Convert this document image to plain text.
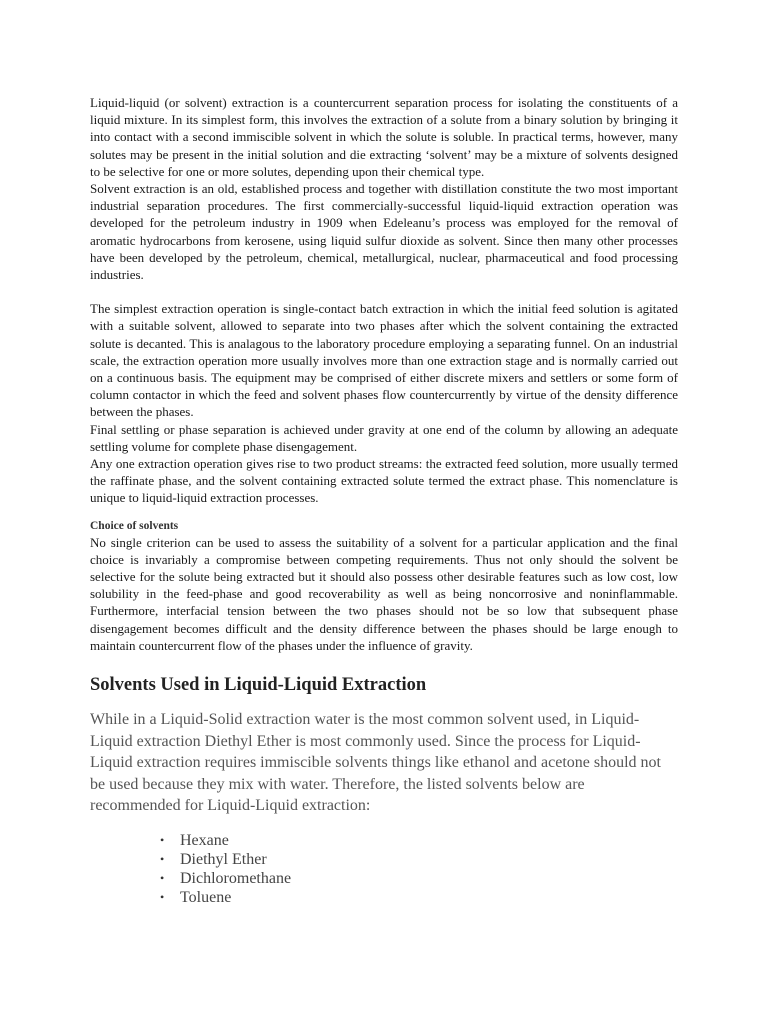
Liquid-liquid (or solvent) extraction is a countercurrent separation process for isolating the constituents of a liquid mixture. In its simplest form, this involves the extraction of a solute from a binary solution by bringing it into contact with a second immiscible solvent in which the solute is soluble. In practical terms, however, many solutes may be present in the initial solution and die extracting ‘solvent’ may be a mixture of solvents designed to be selective for one or more solutes, depending upon their chemical type.

Solvent extraction is an old, established process and together with distillation constitute the two most important industrial separation procedures. The first commercially-successful liquid-liquid extraction operation was developed for the petroleum industry in 1909 when Edeleanu’s process was employed for the removal of aromatic hydrocarbons from kerosene, using liquid sulfur dioxide as solvent. Since then many other processes have been developed by the petroleum, chemical, metallurgical, nuclear, pharmaceutical and food processing industries.

The simplest extraction operation is single-contact batch extraction in which the initial feed solution is agitated with a suitable solvent, allowed to separate into two phases after which the solvent containing the extracted solute is decanted. This is analagous to the laboratory procedure employing a separating funnel. On an industrial scale, the extraction operation more usually involves more than one extraction stage and is normally carried out on a continuous basis. The equipment may be comprised of either discrete mixers and settlers or some form of column contactor in which the feed and solvent phases flow countercurrently by virtue of the density difference between the phases.

Final settling or phase separation is achieved under gravity at one end of the column by allowing an adequate settling volume for complete phase disengagement.

Any one extraction operation gives rise to two product streams: the extracted feed solution, more usually termed the raffinate phase, and the solvent containing extracted solute termed the extract phase. This nomenclature is unique to liquid-liquid extraction processes.

Choice of solvents

No single criterion can be used to assess the suitability of a solvent for a particular application and the final choice is invariably a compromise between competing requirements. Thus not only should the solvent be selective for the solute being extracted but it should also possess other desirable features such as low cost, low solubility in the feed-phase and good recoverability as well as being noncorrosive and noninflammable. Furthermore, interfacial tension between the two phases should not be so low that subsequent phase disengagement becomes difficult and the density difference between the phases should be large enough to maintain countercurrent flow of the phases under the influence of gravity.

Solvents Used in Liquid-Liquid Extraction

While in a Liquid-Solid extraction water is the most common solvent used, in Liquid-Liquid extraction Diethyl Ether is most commonly used. Since the process for Liquid-Liquid extraction requires immiscible solvents things like ethanol and acetone should not be used because they mix with water. Therefore, the listed solvents below are recommended for Liquid-Liquid extraction:

• Hexane
• Diethyl Ether
• Dichloromethane
• Toluene
